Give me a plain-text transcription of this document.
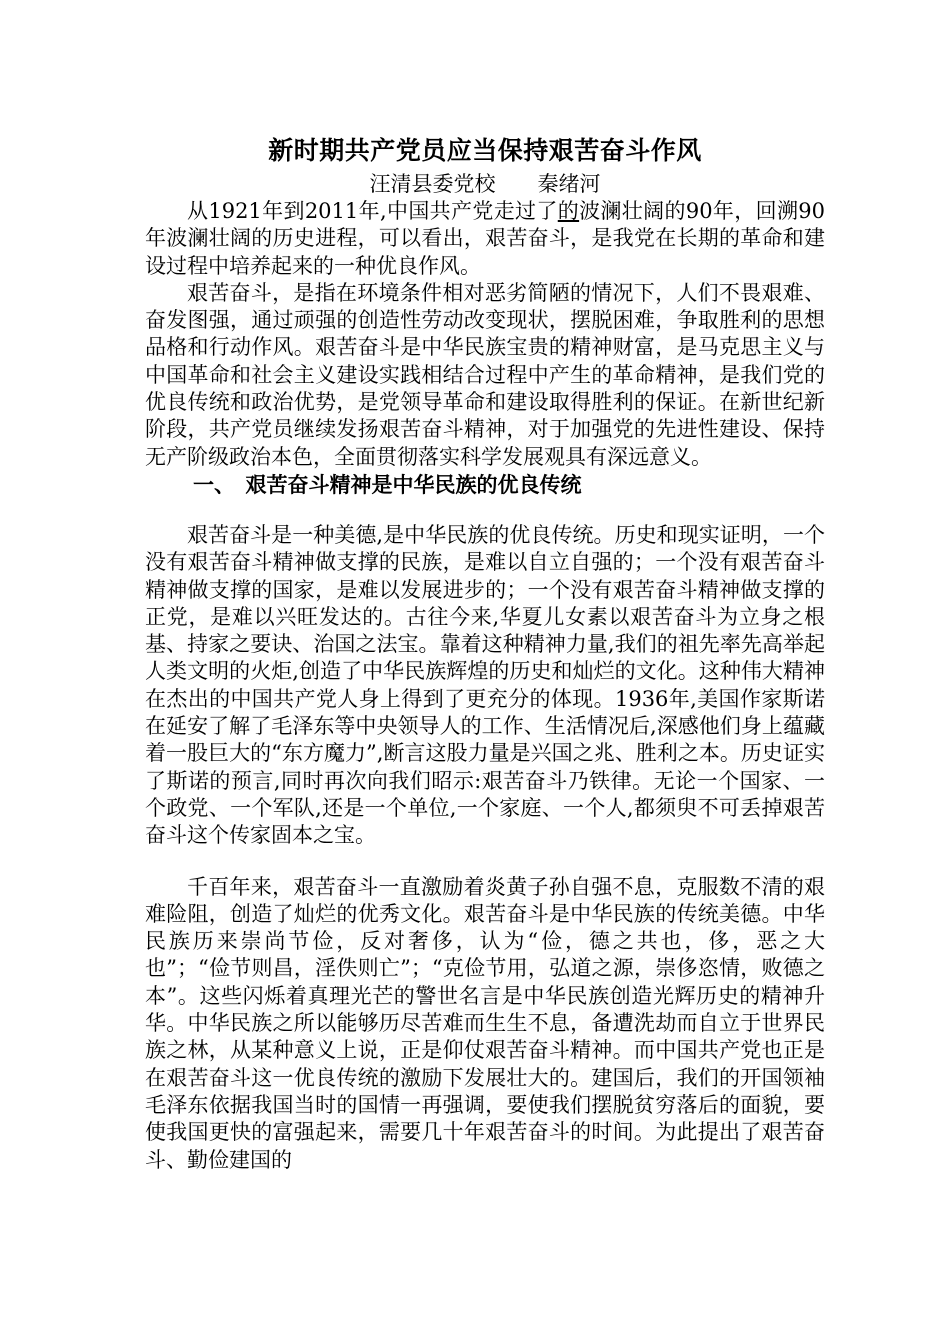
新时期共产党员应当保持艰苦奋斗作风
汪清县委党校　　秦绪河

从1921年到2011年,中国共产党走过了的波澜壮阔的90年，回溯90年波澜壮阔的历史进程，可以看出，艰苦奋斗，是我党在长期的革命和建设过程中培养起来的一种优良作风。

艰苦奋斗，是指在环境条件相对恶劣简陋的情况下，人们不畏艰难、奋发图强，通过顽强的创造性劳动改变现状，摆脱困难，争取胜利的思想品格和行动作风。艰苦奋斗是中华民族宝贵的精神财富，是马克思主义与中国革命和社会主义建设实践相结合过程中产生的革命精神，是我们党的优良传统和政治优势，是党领导革命和建设取得胜利的保证。在新世纪新阶段，共产党员继续发扬艰苦奋斗精神，对于加强党的先进性建设、保持无产阶级政治本色，全面贯彻落实科学发展观具有深远意义。

一、　艰苦奋斗精神是中华民族的优良传统

艰苦奋斗是一种美德,是中华民族的优良传统。历史和现实证明，一个没有艰苦奋斗精神做支撑的民族，是难以自立自强的；一个没有艰苦奋斗精神做支撑的国家，是难以发展进步的；一个没有艰苦奋斗精神做支撑的正党，是难以兴旺发达的。古往今来,华夏儿女素以艰苦奋斗为立身之根基、持家之要诀、治国之法宝。靠着这种精神力量,我们的祖先率先高举起人类文明的火炬,创造了中华民族辉煌的历史和灿烂的文化。这种伟大精神在杰出的中国共产党人身上得到了更充分的体现。1936年,美国作家斯诺在延安了解了毛泽东等中央领导人的工作、生活情况后,深感他们身上蕴藏着一股巨大的“东方魔力”,断言这股力量是兴国之兆、胜利之本。历史证实了斯诺的预言,同时再次向我们昭示:艰苦奋斗乃铁律。无论一个国家、一个政党、一个军队,还是一个单位,一个家庭、一个人,都须臾不可丢掉艰苦奋斗这个传家固本之宝。

千百年来，艰苦奋斗一直激励着炎黄子孙自强不息，克服数不清的艰难险阻，创造了灿烂的优秀文化。艰苦奋斗是中华民族的传统美德。中华民族历来崇尚节俭，反对奢侈，认为“俭，德之共也，侈，恶之大也”；“俭节则昌，淫佚则亡”；“克俭节用，弘道之源，崇侈恣情，败德之本”。这些闪烁着真理光芒的警世名言是中华民族创造光辉历史的精神升华。中华民族之所以能够历尽苦难而生生不息，备遭洗劫而自立于世界民族之林，从某种意义上说，正是仰仗艰苦奋斗精神。而中国共产党也正是在艰苦奋斗这一优良传统的激励下发展壮大的。建国后，我们的开国领袖毛泽东依据我国当时的国情一再强调，要使我们摆脱贫穷落后的面貌，要使我国更快的富强起来，需要几十年艰苦奋斗的时间。为此提出了艰苦奋斗、勤俭建国的
